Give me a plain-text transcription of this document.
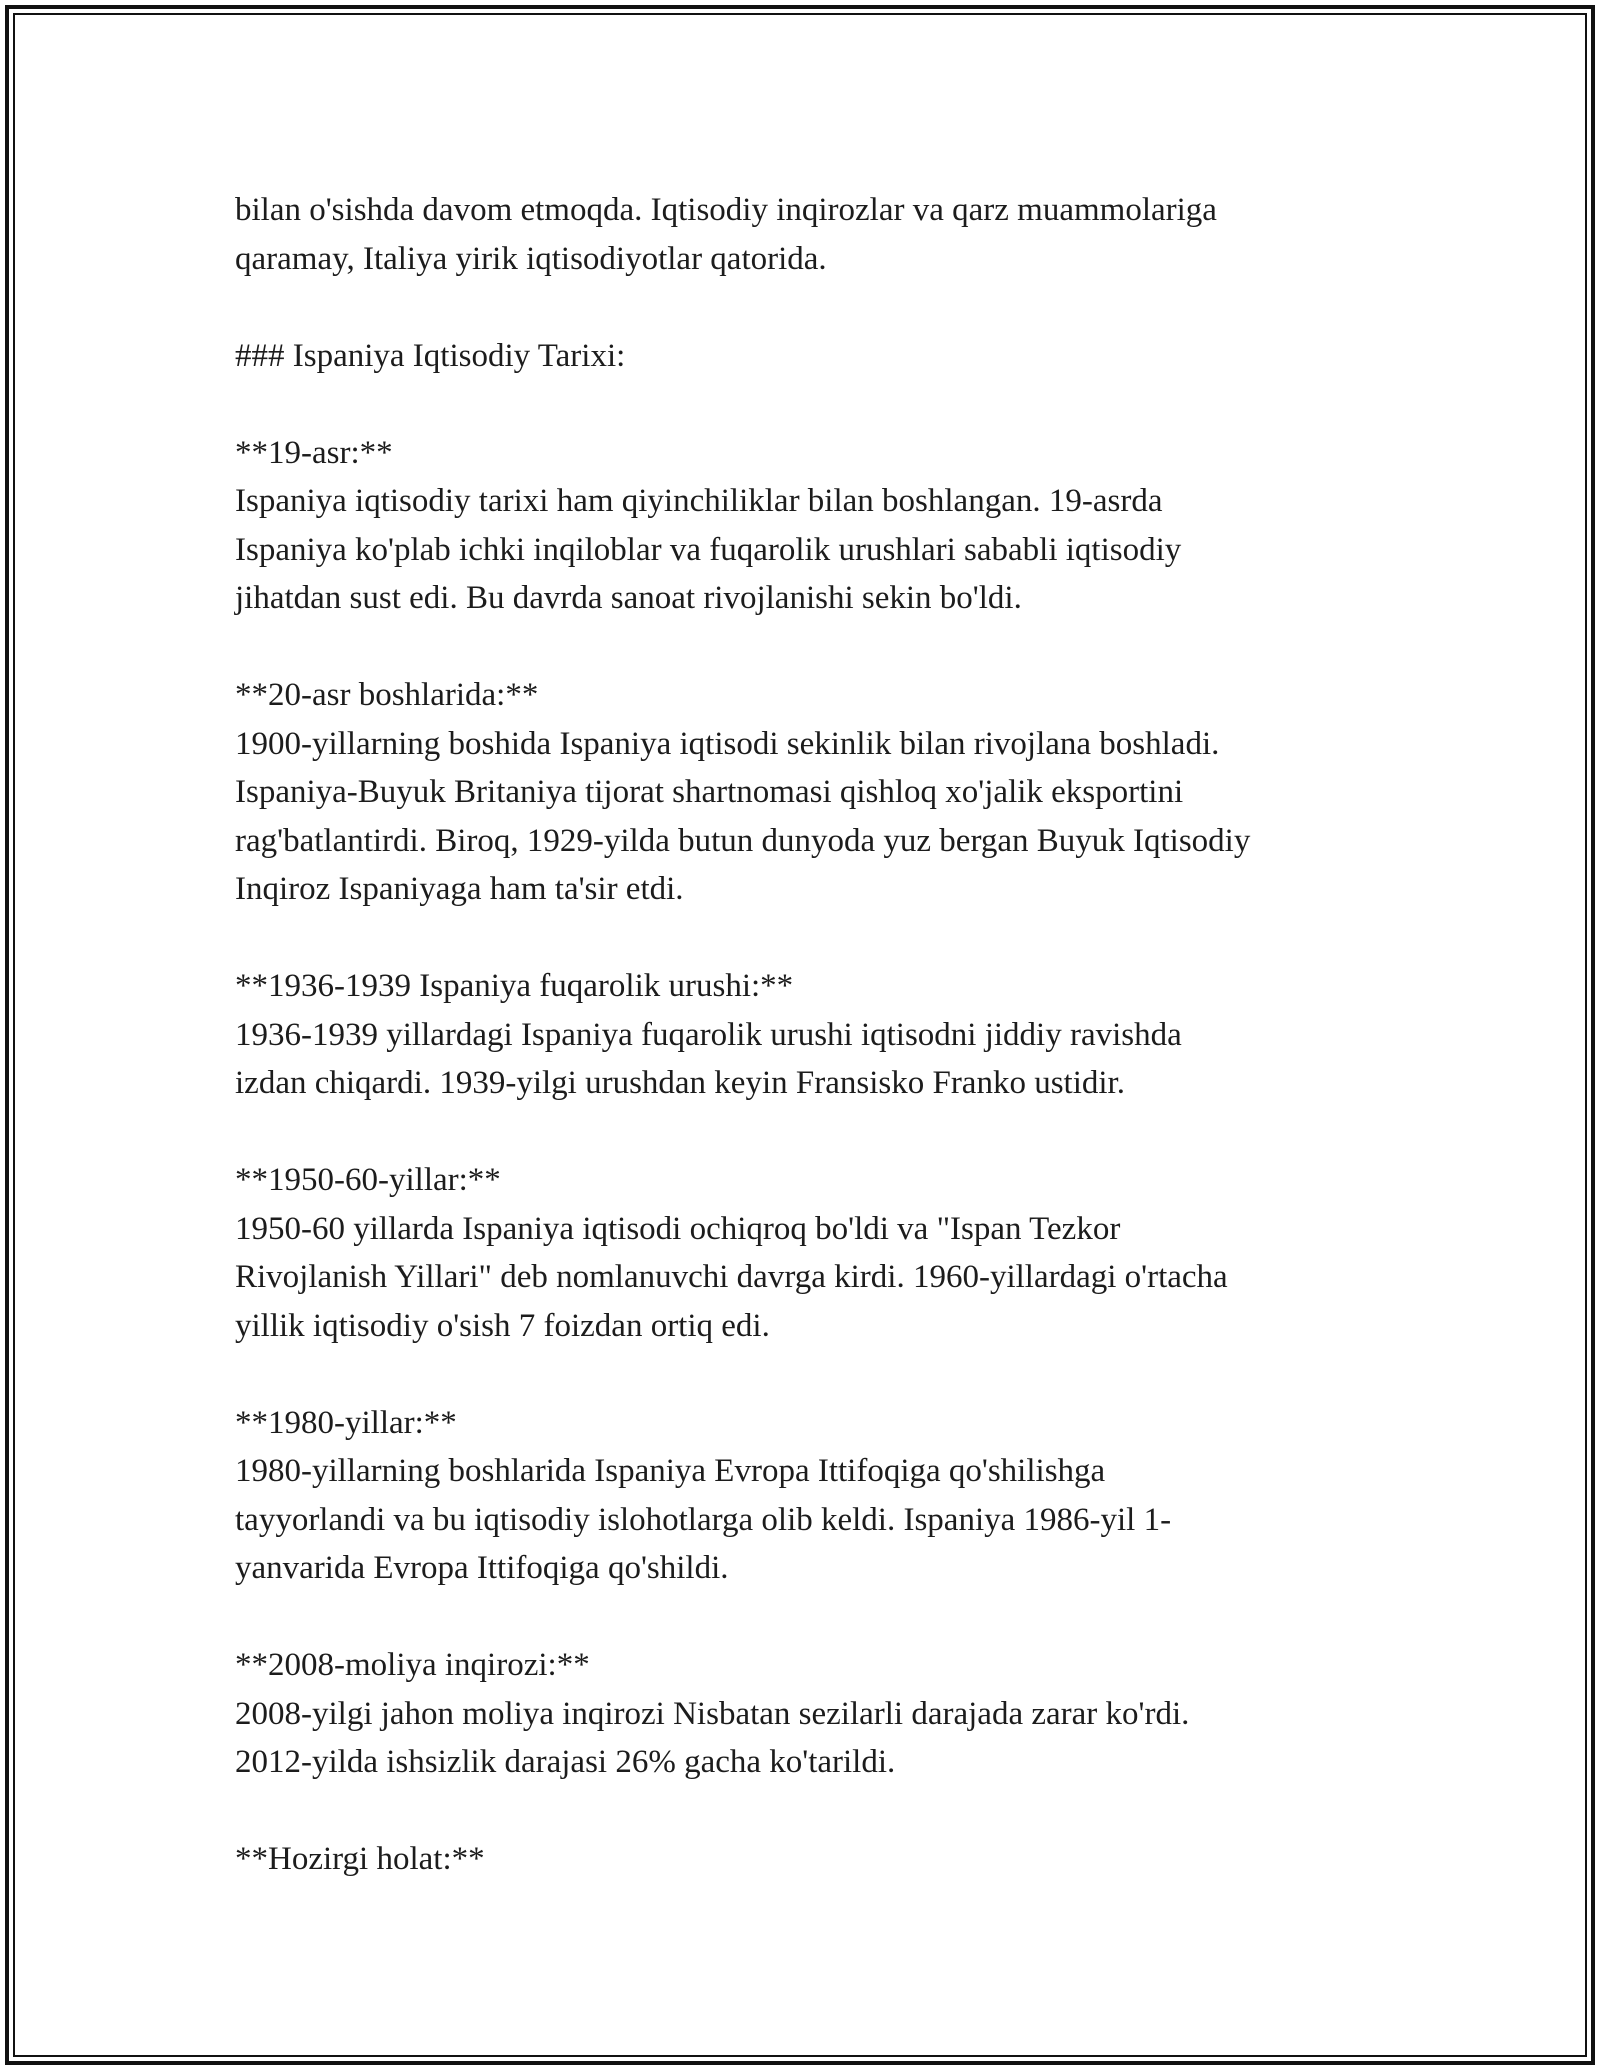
bilan o'sishda davom etmoqda. Iqtisodiy inqirozlar va qarz muammolariga

qaramay, Italiya yirik iqtisodiyotlar qatorida.

### Ispaniya Iqtisodiy Tarixi:

**19-asr:**

Ispaniya iqtisodiy tarixi ham qiyinchiliklar bilan boshlangan. 19-asrda

Ispaniya ko'plab ichki inqiloblar va fuqarolik urushlari sababli iqtisodiy

jihatdan sust edi. Bu davrda sanoat rivojlanishi sekin bo'ldi.

**20-asr boshlarida:**

1900-yillarning boshida Ispaniya iqtisodi sekinlik bilan rivojlana boshladi.

Ispaniya-Buyuk Britaniya tijorat shartnomasi qishloq xo'jalik eksportini

rag'batlantirdi. Biroq, 1929-yilda butun dunyoda yuz bergan Buyuk Iqtisodiy

Inqiroz Ispaniyaga ham ta'sir etdi.

**1936-1939 Ispaniya fuqarolik urushi:**

1936-1939 yillardagi Ispaniya fuqarolik urushi iqtisodni jiddiy ravishda

izdan chiqardi. 1939-yilgi urushdan keyin Fransisko Franko ustidir.

**1950-60-yillar:**

1950-60 yillarda Ispaniya iqtisodi ochiqroq bo'ldi va "Ispan Tezkor

Rivojlanish Yillari" deb nomlanuvchi davrga kirdi. 1960-yillardagi o'rtacha

yillik iqtisodiy o'sish 7 foizdan ortiq edi.

**1980-yillar:**

1980-yillarning boshlarida Ispaniya Evropa Ittifoqiga qo'shilishga

tayyorlandi va bu iqtisodiy islohotlarga olib keldi. Ispaniya 1986-yil 1-

yanvarida Evropa Ittifoqiga qo'shildi.

**2008-moliya inqirozi:**

2008-yilgi jahon moliya inqirozi Nisbatan sezilarli darajada zarar ko'rdi.

2012-yilda ishsizlik darajasi 26% gacha ko'tarildi.

**Hozirgi holat:**
